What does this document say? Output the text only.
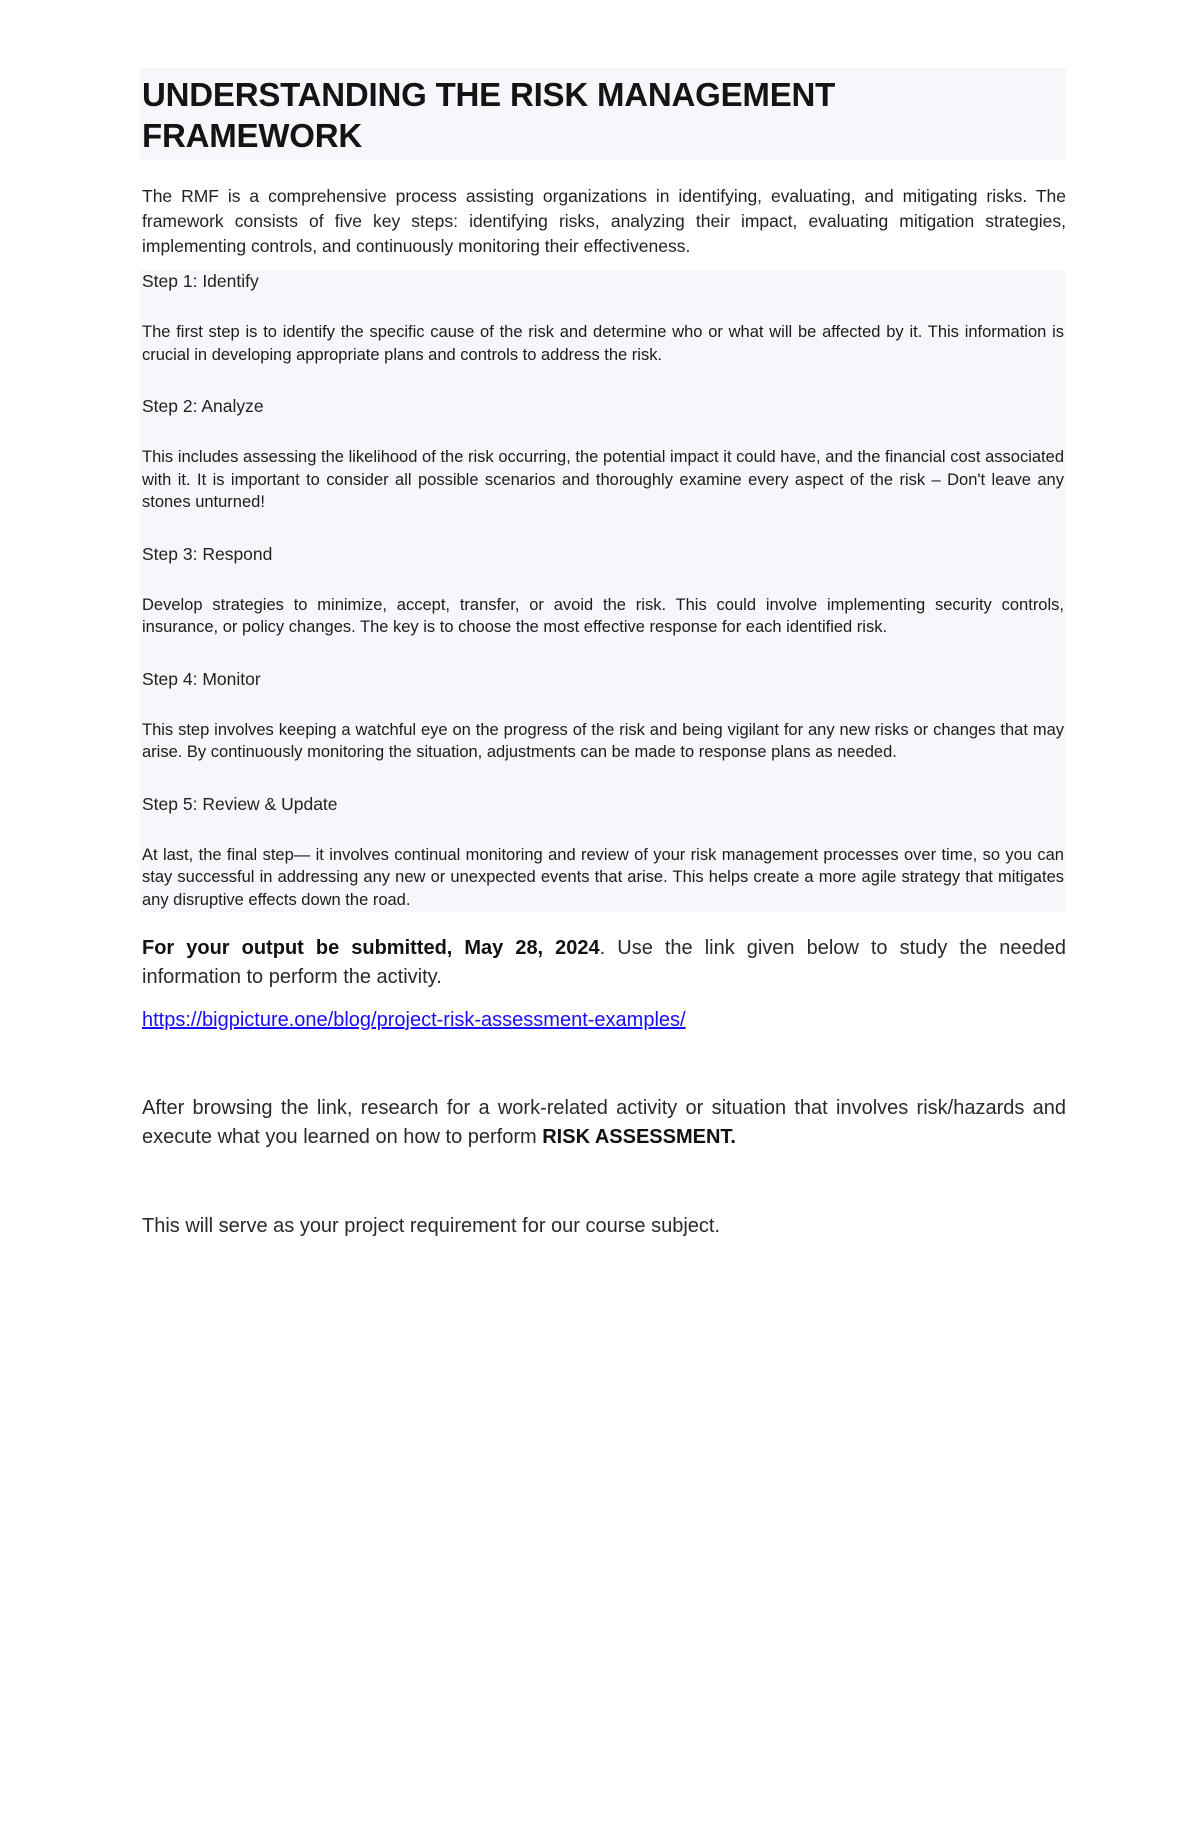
UNDERSTANDING THE RISK MANAGEMENT FRAMEWORK

The RMF is a comprehensive process assisting organizations in identifying, evaluating, and mitigating risks. The framework consists of five key steps: identifying risks, analyzing their impact, evaluating mitigation strategies, implementing controls, and continuously monitoring their effectiveness.

Step 1: Identify

The first step is to identify the specific cause of the risk and determine who or what will be affected by it. This information is crucial in developing appropriate plans and controls to address the risk.

Step 2: Analyze

This includes assessing the likelihood of the risk occurring, the potential impact it could have, and the financial cost associated with it. It is important to consider all possible scenarios and thoroughly examine every aspect of the risk – Don't leave any stones unturned!

Step 3: Respond

Develop strategies to minimize, accept, transfer, or avoid the risk. This could involve implementing security controls, insurance, or policy changes. The key is to choose the most effective response for each identified risk.

Step 4: Monitor

This step involves keeping a watchful eye on the progress of the risk and being vigilant for any new risks or changes that may arise. By continuously monitoring the situation, adjustments can be made to response plans as needed.

Step 5: Review & Update

At last, the final step— it involves continual monitoring and review of your risk management processes over time, so you can stay successful in addressing any new or unexpected events that arise. This helps create a more agile strategy that mitigates any disruptive effects down the road.

For your output be submitted, May 28, 2024. Use the link given below to study the needed information to perform the activity.

https://bigpicture.one/blog/project-risk-assessment-examples/

After browsing the link, research for a work-related activity or situation that involves risk/hazards and execute what you learned on how to perform RISK ASSESSMENT.

This will serve as your project requirement for our course subject.
